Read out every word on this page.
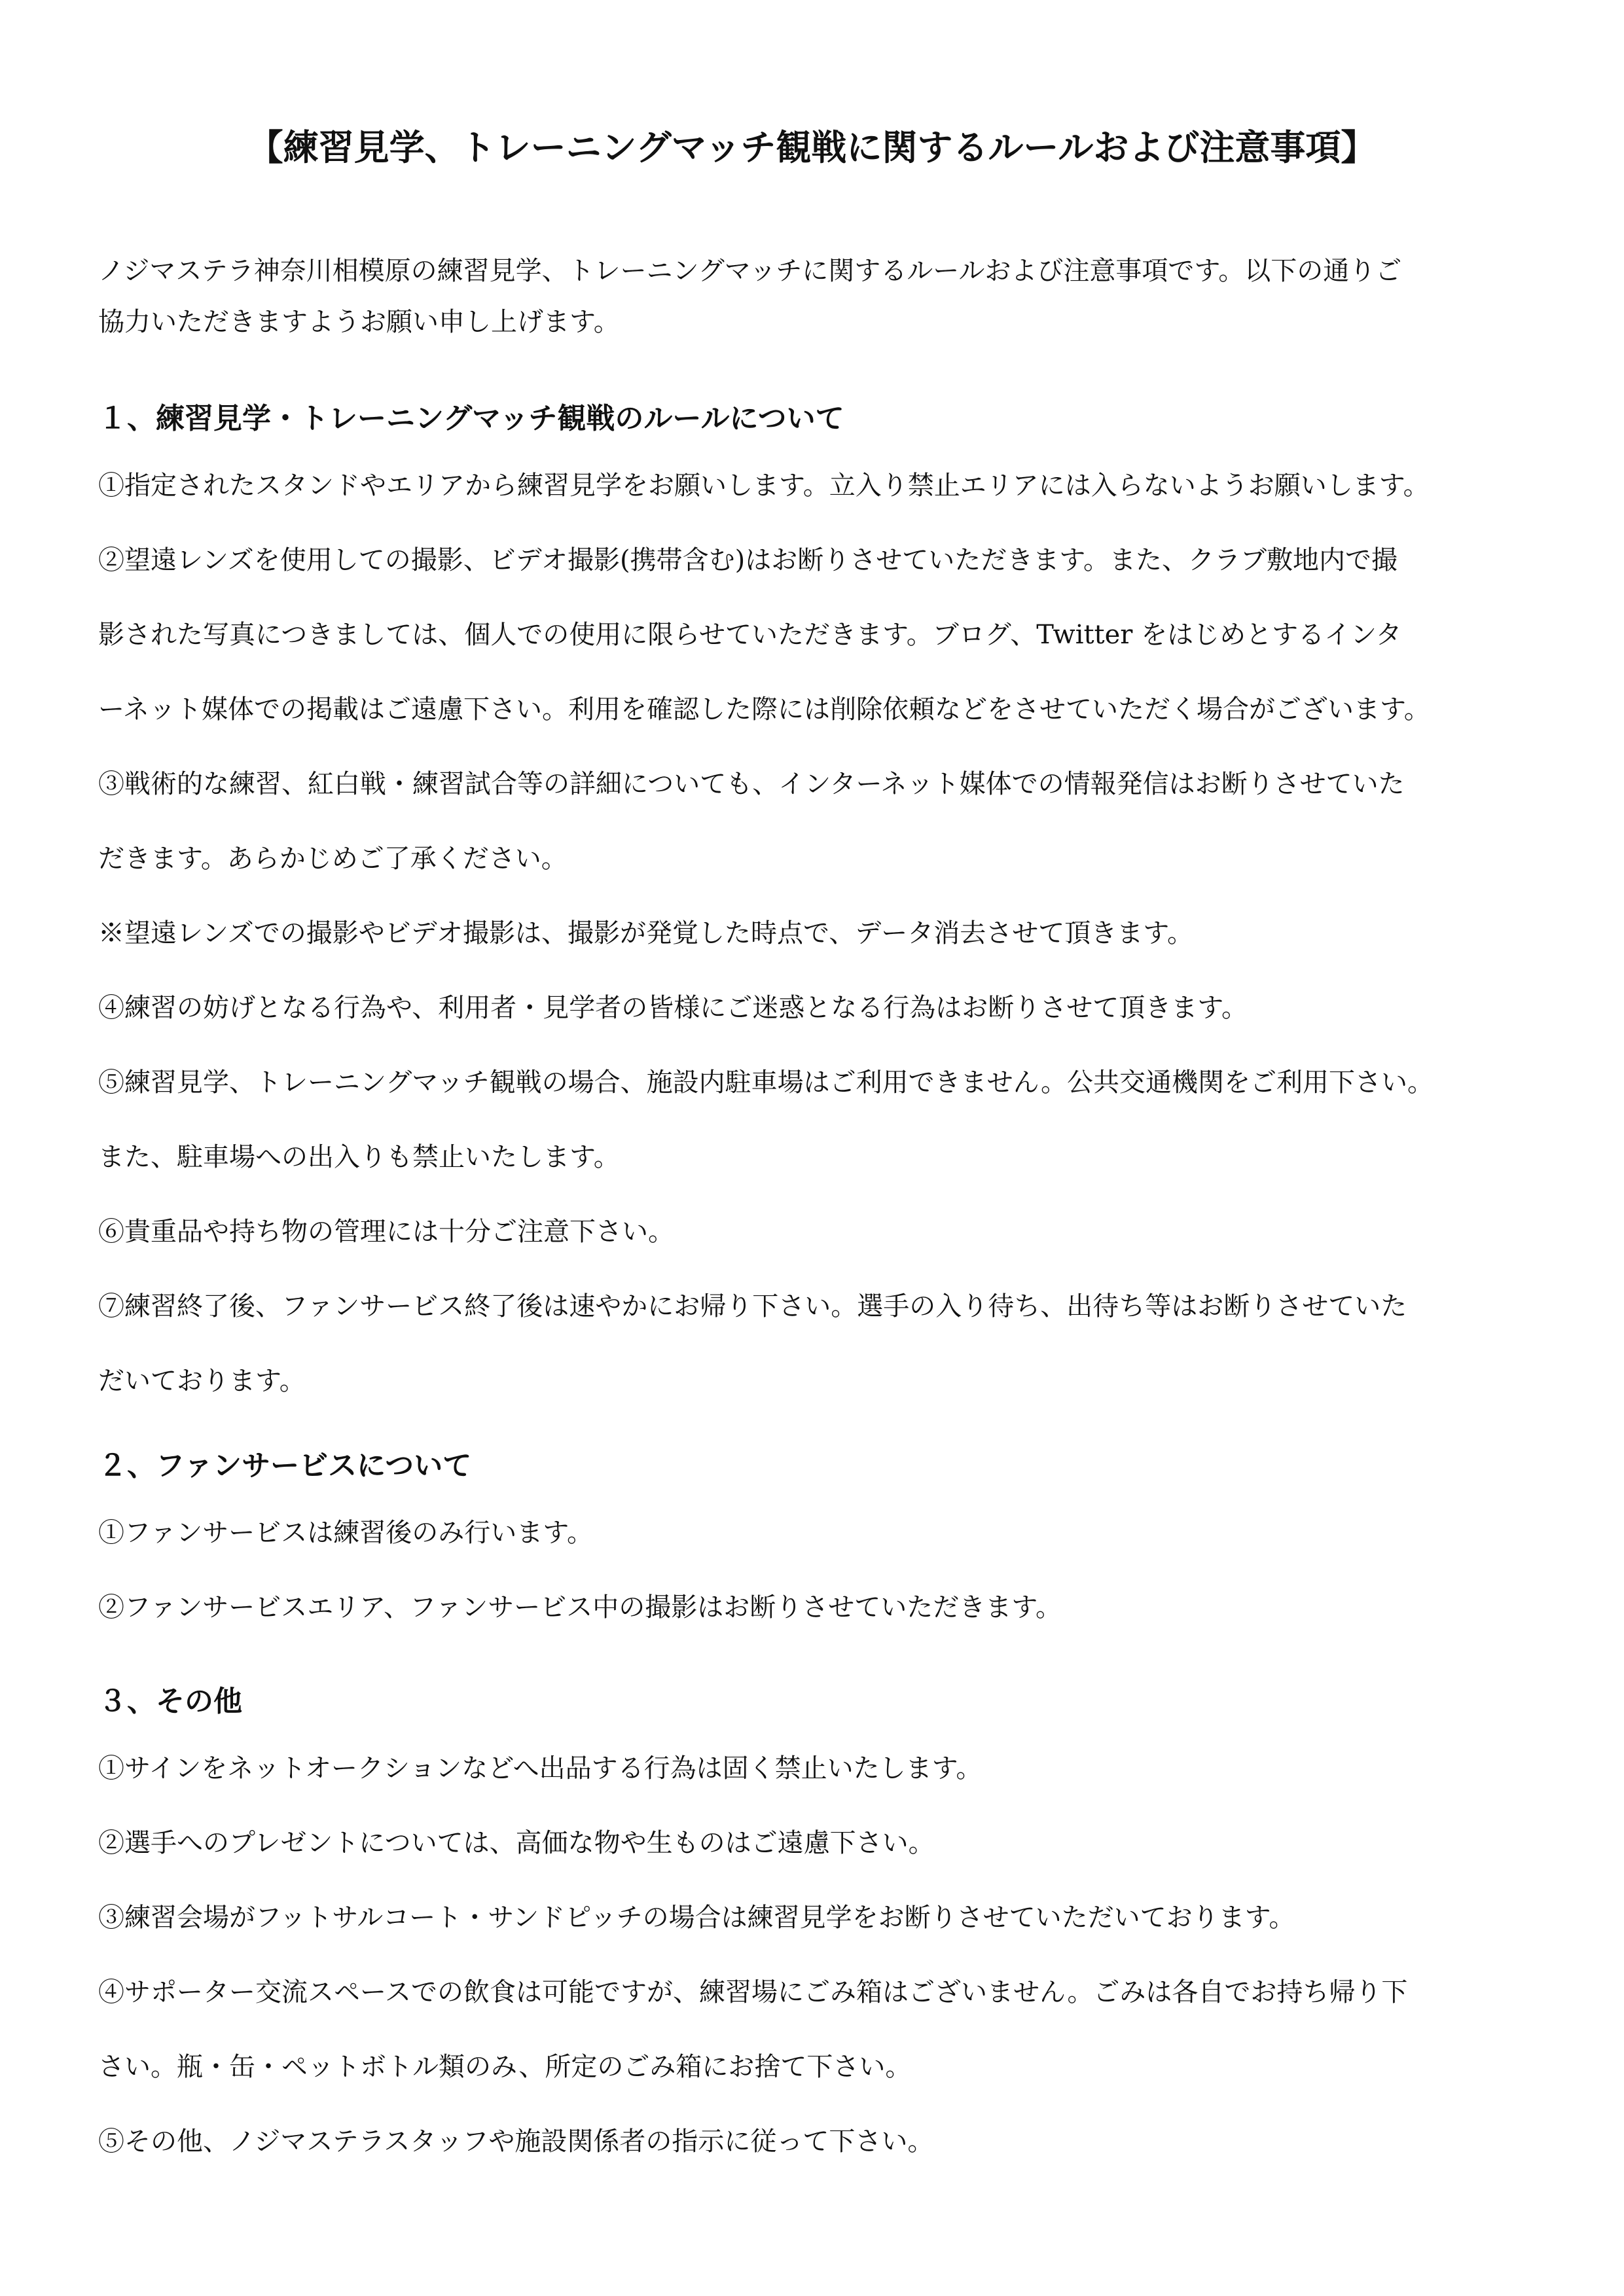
【練習見学、トレーニングマッチ観戦に関するルールおよび注意事項】
ノジマステラ神奈川相模原の練習見学、トレーニングマッチに関するルールおよび注意事項です。以下の通りご
協力いただきますようお願い申し上げます。
１、練習見学・トレーニングマッチ観戦のルールについて
①指定されたスタンドやエリアから練習見学をお願いします。立入り禁止エリアには入らないようお願いします。
②望遠レンズを使用しての撮影、ビデオ撮影(携帯含む)はお断りさせていただきます。また、クラブ敷地内で撮
影された写真につきましては、個人での使用に限らせていただきます。ブログ、Twitter をはじめとするインタ
ーネット媒体での掲載はご遠慮下さい。利用を確認した際には削除依頼などをさせていただく場合がございます。
③戦術的な練習、紅白戦・練習試合等の詳細についても、インターネット媒体での情報発信はお断りさせていた
だきます。あらかじめご了承ください。
※望遠レンズでの撮影やビデオ撮影は、撮影が発覚した時点で、データ消去させて頂きます。
④練習の妨げとなる行為や、利用者・見学者の皆様にご迷惑となる行為はお断りさせて頂きます。
⑤練習見学、トレーニングマッチ観戦の場合、施設内駐車場はご利用できません。公共交通機関をご利用下さい。
また、駐車場への出入りも禁止いたします。
⑥貴重品や持ち物の管理には十分ご注意下さい。
⑦練習終了後、ファンサービス終了後は速やかにお帰り下さい。選手の入り待ち、出待ち等はお断りさせていた
だいております。
２、ファンサービスについて
①ファンサービスは練習後のみ行います。
②ファンサービスエリア、ファンサービス中の撮影はお断りさせていただきます。
３、その他
①サインをネットオークションなどへ出品する行為は固く禁止いたします。
②選手へのプレゼントについては、高価な物や生ものはご遠慮下さい。
③練習会場がフットサルコート・サンドピッチの場合は練習見学をお断りさせていただいております。
④サポーター交流スペースでの飲食は可能ですが、練習場にごみ箱はございません。ごみは各自でお持ち帰り下
さい。瓶・缶・ペットボトル類のみ、所定のごみ箱にお捨て下さい。
⑤その他、ノジマステラスタッフや施設関係者の指示に従って下さい。
